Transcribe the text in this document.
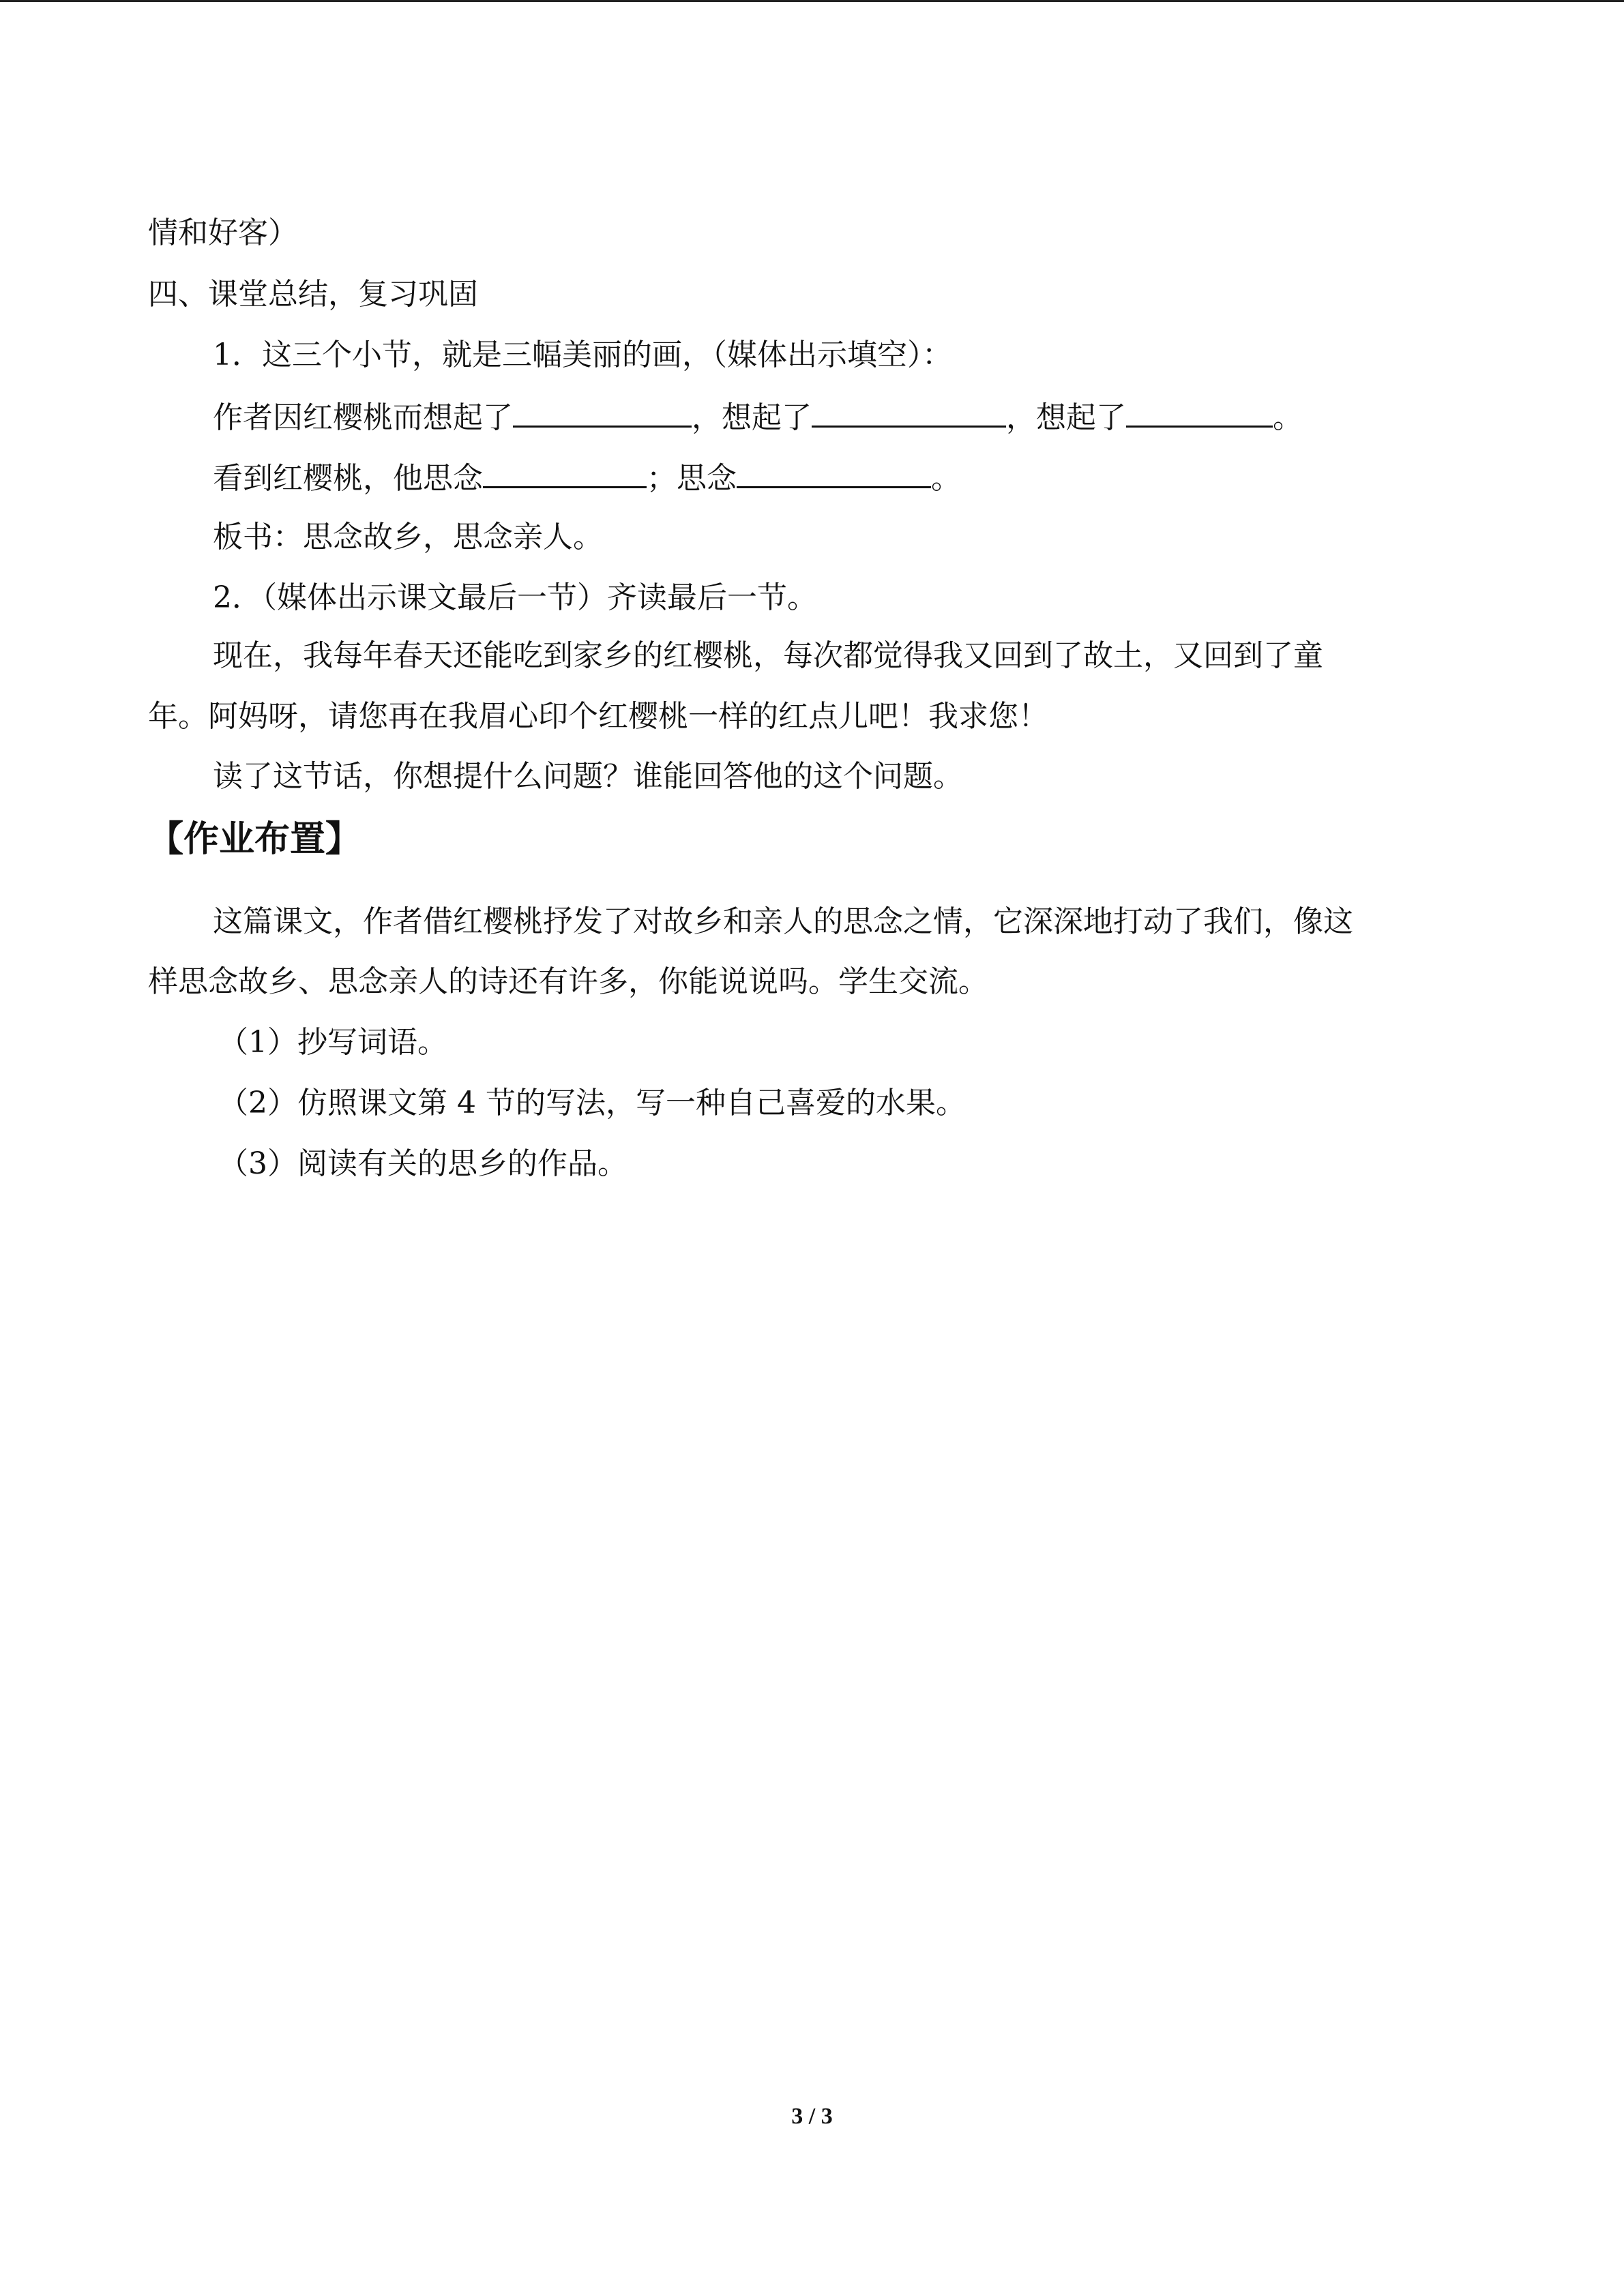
情和好客）
四、课堂总结，复习巩固
1．这三个小节，就是三幅美丽的画，（媒体出示填空）：
作者因红樱桃而想起了	，想起了	，想起了	。
看到红樱桃，他思念	；思念	。
板书：思念故乡，思念亲人。
2．（媒体出示课文最后一节）齐读最后一节。
现在，我每年春天还能吃到家乡的红樱桃，每次都觉得我又回到了故土，又回到了童
年。阿妈呀，请您再在我眉心印个红樱桃一样的红点儿吧！我求您！
读了这节话，你想提什么问题？谁能回答他的这个问题。
【作业布置】
这篇课文，作者借红樱桃抒发了对故乡和亲人的思念之情，它深深地打动了我们，像这
样思念故乡、思念亲人的诗还有许多，你能说说吗。学生交流。
（1）抄写词语。
（2）仿照课文第 4 节的写法，写一种自己喜爱的水果。
（3）阅读有关的思乡的作品。
3 / 3
